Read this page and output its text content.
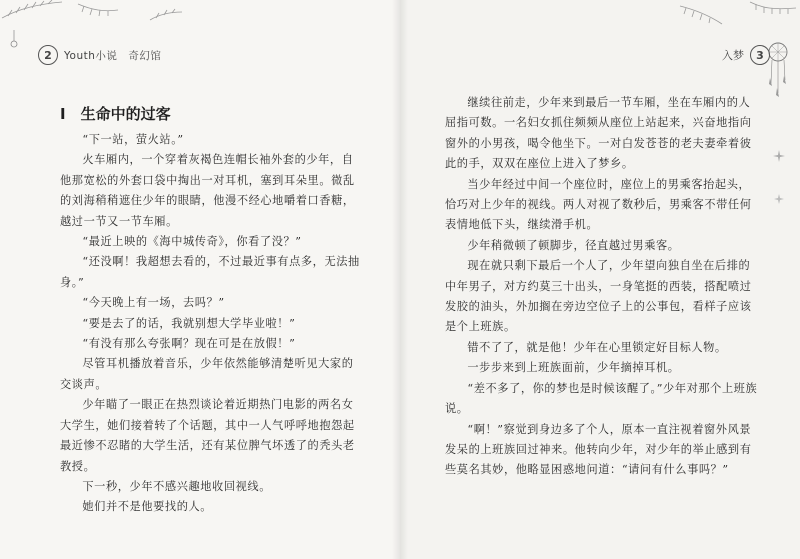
2	Youth小说　奇幻馆
I　生命中的过客

“下一站，萤火站。”

火车厢内，一个穿着灰褐色连帽长袖外套的少年，自他那宽松的外套口袋中掏出一对耳机，塞到耳朵里。微乱的刘海稍稍遮住少年的眼睛，他漫不经心地嚼着口香糖，越过一节又一节车厢。

“最近上映的《海中城传奇》，你看了没？”

“还没啊！我超想去看的，不过最近事有点多，无法抽身。”

“今天晚上有一场，去吗？”

“要是去了的话，我就别想大学毕业啦！”

“有没有那么夸张啊？现在可是在放假！”

尽管耳机播放着音乐，少年依然能够清楚听见大家的交谈声。

少年瞄了一眼正在热烈谈论着近期热门电影的两名女大学生，她们接着转了个话题，其中一人气呼呼地抱怨起最近惨不忍睹的大学生活，还有某位脾气坏透了的秃头老教授。

下一秒，少年不感兴趣地收回视线。

她们并不是他要找的人。

入梦	3

继续往前走，少年来到最后一节车厢，坐在车厢内的人屈指可数。一名妇女抓住频频从座位上站起来，兴奋地指向窗外的小男孩，喝令他坐下。一对白发苍苍的老夫妻牵着彼此的手，双双在座位上进入了梦乡。

当少年经过中间一个座位时，座位上的男乘客抬起头，恰巧对上少年的视线。两人对视了数秒后，男乘客不带任何表情地低下头，继续滑手机。

少年稍微顿了顿脚步，径直越过男乘客。

现在就只剩下最后一个人了，少年望向独自坐在后排的中年男子，对方约莫三十出头，一身笔挺的西装，搭配喷过发胶的油头，外加搁在旁边空位子上的公事包，看样子应该是个上班族。

错不了了，就是他！少年在心里锁定好目标人物。

一步步来到上班族面前，少年摘掉耳机。

“差不多了，你的梦也是时候该醒了。”少年对那个上班族说。

“啊！”察觉到身边多了个人，原本一直注视着窗外风景发呆的上班族回过神来。他转向少年，对少年的举止感到有些莫名其妙，他略显困惑地问道：“请问有什么事吗？”
